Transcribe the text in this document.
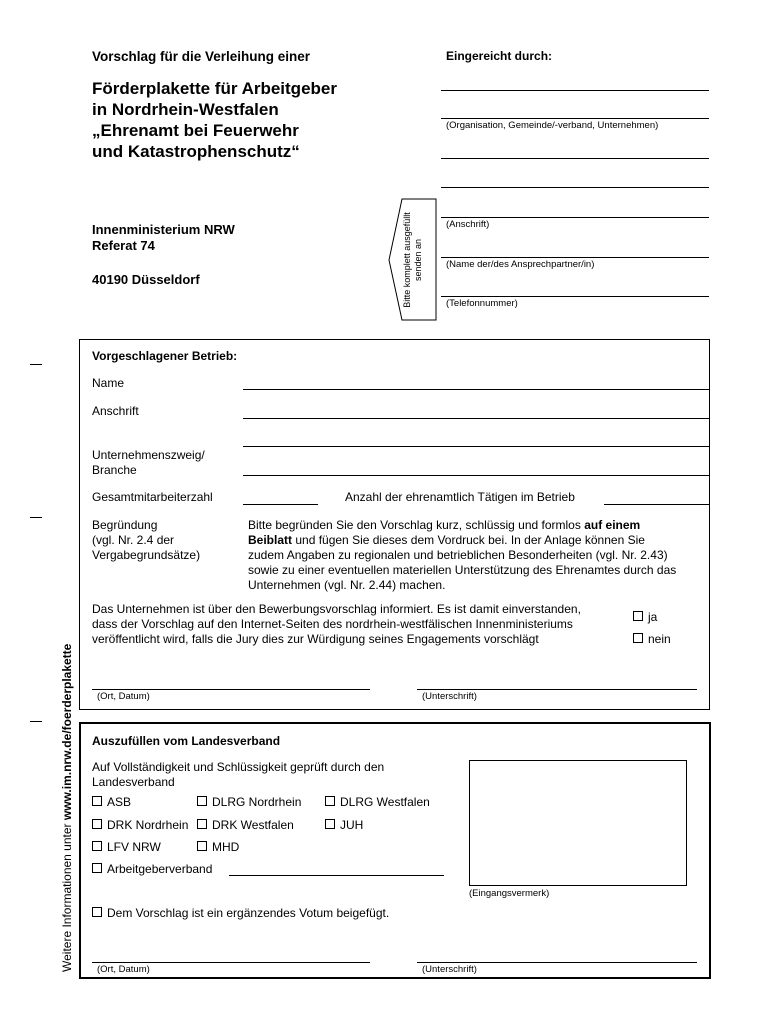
Vorschlag für die Verleihung einer
Förderplakette für Arbeitgeber
in Nordrhein-Westfalen
„Ehrenamt bei Feuerwehr
und Katastrophenschutz“
Innenministerium NRW
Referat 74
40190 Düsseldorf	Bitte komplett ausgefüllt senden an
Eingereicht durch:
(Organisation, Gemeinde/-verband, Unternehmen)
(Anschrift)
(Name der/des Ansprechpartner/in)
(Telefonnummer)
Weitere Informationen unter www.im.nrw.de/foerderplakette
Vorgeschlagener Betrieb:
Name
Anschrift
Unternehmenszweig/
Branche
Gesamtmitarbeiterzahl	Anzahl der ehrenamtlich Tätigen im Betrieb
Begründung
(vgl. Nr. 2.4 der
Vergabegrundsätze)
Bitte begründen Sie den Vorschlag kurz, schlüssig und formlos auf einem Beiblatt und fügen Sie dieses dem Vordruck bei. In der Anlage können Sie zudem Angaben zu regionalen und betrieblichen Besonderheiten (vgl. Nr. 2.43) sowie zu einer eventuellen materiellen Unterstützung des Ehrenamtes durch das Unternehmen (vgl. Nr. 2.44) machen.
Das Unternehmen ist über den Bewerbungsvorschlag informiert. Es ist damit einverstanden,
dass der Vorschlag auf den Internet-Seiten des nordrhein-westfälischen Innenministeriums
veröffentlicht wird, falls die Jury dies zur Würdigung seines Engagements vorschlägt
ja
nein
(Ort, Datum)	(Unterschrift)
Auszufüllen vom Landesverband
Auf Vollständigkeit und Schlüssigkeit geprüft durch den
Landesverband
(Eingangsvermerk)
ASB	DLRG Nordrhein	DLRG Westfalen
DRK Nordrhein	DRK Westfalen	JUH
LFV NRW	MHD
Arbeitgeberverband
Dem Vorschlag ist ein ergänzendes Votum beigefügt.
(Ort, Datum)	(Unterschrift)
